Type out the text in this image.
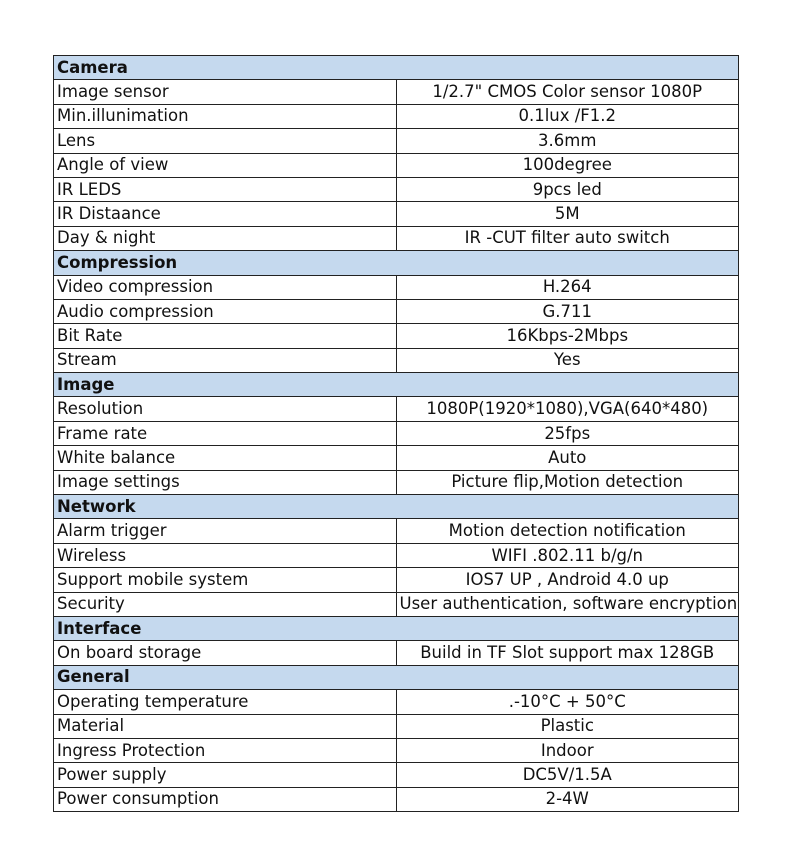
Camera	
Image sensor	1/2.7" CMOS Color sensor 1080P
Min.illunimation	0.1lux /F1.2
Lens	3.6mm
Angle of view	100degree
IR LEDS	9pcs led
IR Distaance	5M
Day & night	IR -CUT filter auto switch
Compression	
Video compression	H.264
Audio compression	G.711
Bit Rate	16Kbps-2Mbps
Stream	Yes
Image	
Resolution	1080P(1920*1080),VGA(640*480)
Frame rate	25fps
White balance	Auto
Image settings	Picture flip,Motion detection
Network	
Alarm trigger	Motion detection notification
Wireless	WIFI .802.11 b/g/n
Support mobile system	IOS7 UP , Android 4.0 up
Security	User authentication, software encryption
Interface	
On board storage	Build in TF Slot support max 128GB
General	
Operating temperature	.-10°C + 50°C
Material	Plastic
Ingress Protection	Indoor
Power supply	DC5V/1.5A
Power consumption	2-4W
